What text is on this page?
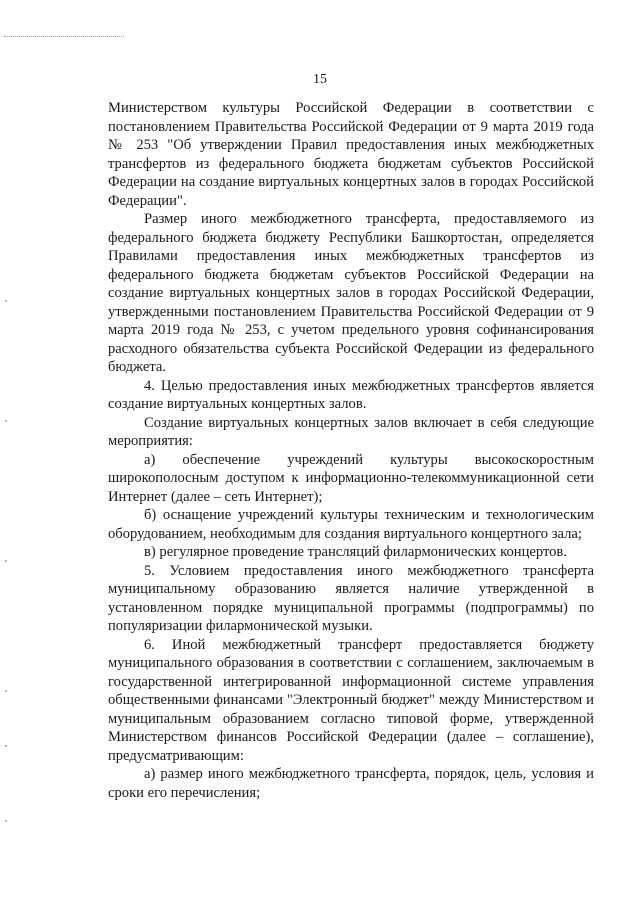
15

Министерством культуры Российской Федерации в соответствии с постановлением Правительства Российской Федерации от 9 марта 2019 года № 253 "Об утверждении Правил предоставления иных межбюджетных трансфертов из федерального бюджета бюджетам субъектов Российской Федерации на создание виртуальных концертных залов в городах Российской Федерации".

Размер иного межбюджетного трансферта, предоставляемого из федерального бюджета бюджету Республики Башкортостан, определяется Правилами предоставления иных межбюджетных трансфертов из федерального бюджета бюджетам субъектов Российской Федерации на создание виртуальных концертных залов в городах Российской Федерации, утвержденными постановлением Правительства Российской Федерации от 9 марта 2019 года № 253, с учетом предельного уровня софинансирования расходного обязательства субъекта Российской Федерации из федерального бюджета.

4. Целью предоставления иных межбюджетных трансфертов является создание виртуальных концертных залов.

Создание виртуальных концертных залов включает в себя следующие мероприятия:

а) обеспечение учреждений культуры высокоскоростным широкополосным доступом к информационно-телекоммуникационной сети Интернет (далее – сеть Интернет);

б) оснащение учреждений культуры техническим и технологическим оборудованием, необходимым для создания виртуального концертного зала;

в) регулярное проведение трансляций филармонических концертов.

5. Условием предоставления иного межбюджетного трансферта муниципальному образованию является наличие утвержденной в установленном порядке муниципальной программы (подпрограммы) по популяризации филармонической музыки.

6. Иной межбюджетный трансферт предоставляется бюджету муниципального образования в соответствии с соглашением, заключаемым в государственной интегрированной информационной системе управления общественными финансами "Электронный бюджет" между Министерством и муниципальным образованием согласно типовой форме, утвержденной Министерством финансов Российской Федерации (далее – соглашение), предусматривающим:

а) размер иного межбюджетного трансферта, порядок, цель, условия и сроки его перечисления;
